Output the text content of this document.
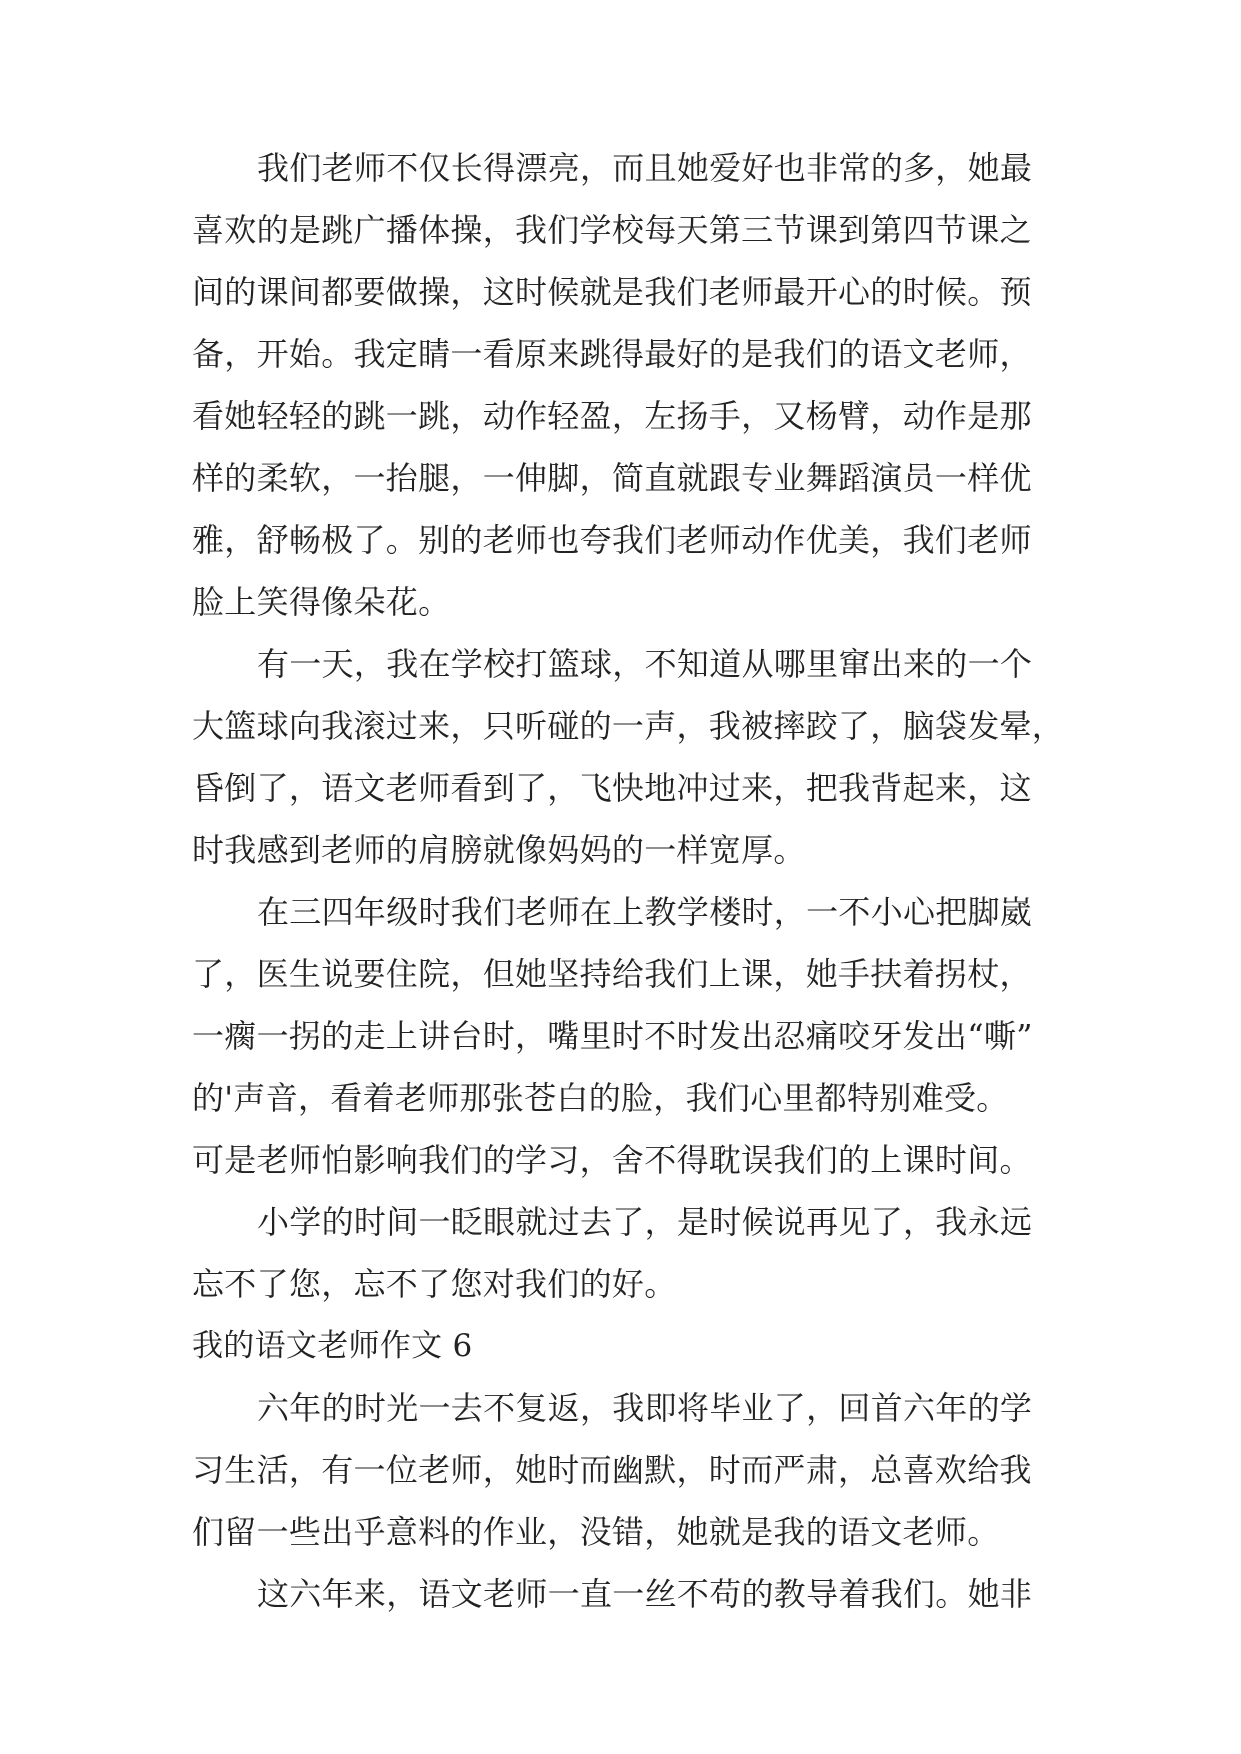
我们老师不仅长得漂亮，而且她爱好也非常的多，她最
喜欢的是跳广播体操，我们学校每天第三节课到第四节课之
间的课间都要做操，这时候就是我们老师最开心的时候。预
备，开始。我定睛一看原来跳得最好的是我们的语文老师，
看她轻轻的跳一跳，动作轻盈，左扬手，又杨臂，动作是那
样的柔软，一抬腿，一伸脚，简直就跟专业舞蹈演员一样优
雅，舒畅极了。别的老师也夸我们老师动作优美，我们老师
脸上笑得像朵花。
有一天，我在学校打篮球，不知道从哪里窜出来的一个
大篮球向我滚过来，只听碰的一声，我被摔跤了，脑袋发晕，
昏倒了，语文老师看到了，飞快地冲过来，把我背起来，这
时我感到老师的肩膀就像妈妈的一样宽厚。
在三四年级时我们老师在上教学楼时，一不小心把脚崴
了，医生说要住院，但她坚持给我们上课，她手扶着拐杖，
一瘸一拐的走上讲台时，嘴里时不时发出忍痛咬牙发出“嘶”
的'声音，看着老师那张苍白的脸，我们心里都特别难受。
可是老师怕影响我们的学习，舍不得耽误我们的上课时间。
小学的时间一眨眼就过去了，是时候说再见了，我永远
忘不了您，忘不了您对我们的好。
我的语文老师作文 6
六年的时光一去不复返，我即将毕业了，回首六年的学
习生活，有一位老师，她时而幽默，时而严肃，总喜欢给我
们留一些出乎意料的作业，没错，她就是我的语文老师。
这六年来，语文老师一直一丝不苟的教导着我们。她非
